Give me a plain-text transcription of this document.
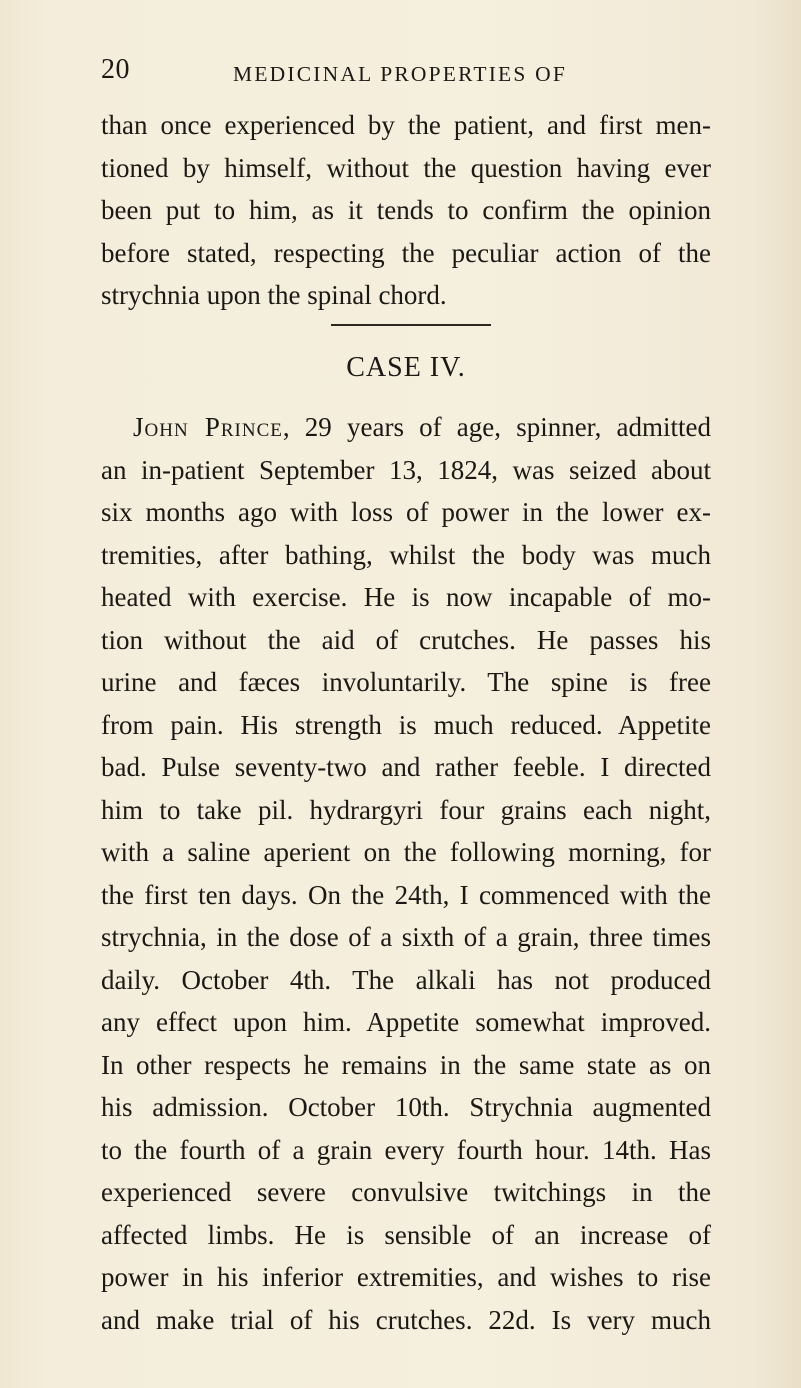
20	MEDICINAL PROPERTIES OF
than once experienced by the patient, and first men-
tioned by himself, without the question having ever
been put to him, as it tends to confirm the opinion
before stated, respecting the peculiar action of the
strychnia upon the spinal chord.
CASE IV.
John Prince, 29 years of age, spinner, admitted
an in-patient September 13, 1824, was seized about
six months ago with loss of power in the lower ex-
tremities, after bathing, whilst the body was much
heated with exercise. He is now incapable of mo-
tion without the aid of crutches. He passes his
urine and fæces involuntarily. The spine is free
from pain. His strength is much reduced. Appetite
bad. Pulse seventy-two and rather feeble. I directed
him to take pil. hydrargyri four grains each night,
with a saline aperient on the following morning, for
the first ten days. On the 24th, I commenced with the
strychnia, in the dose of a sixth of a grain, three times
daily. October 4th. The alkali has not produced
any effect upon him. Appetite somewhat improved.
In other respects he remains in the same state as on
his admission. October 10th. Strychnia augmented
to the fourth of a grain every fourth hour. 14th. Has
experienced severe convulsive twitchings in the
affected limbs. He is sensible of an increase of
power in his inferior extremities, and wishes to rise
and make trial of his crutches. 22d. Is very much
